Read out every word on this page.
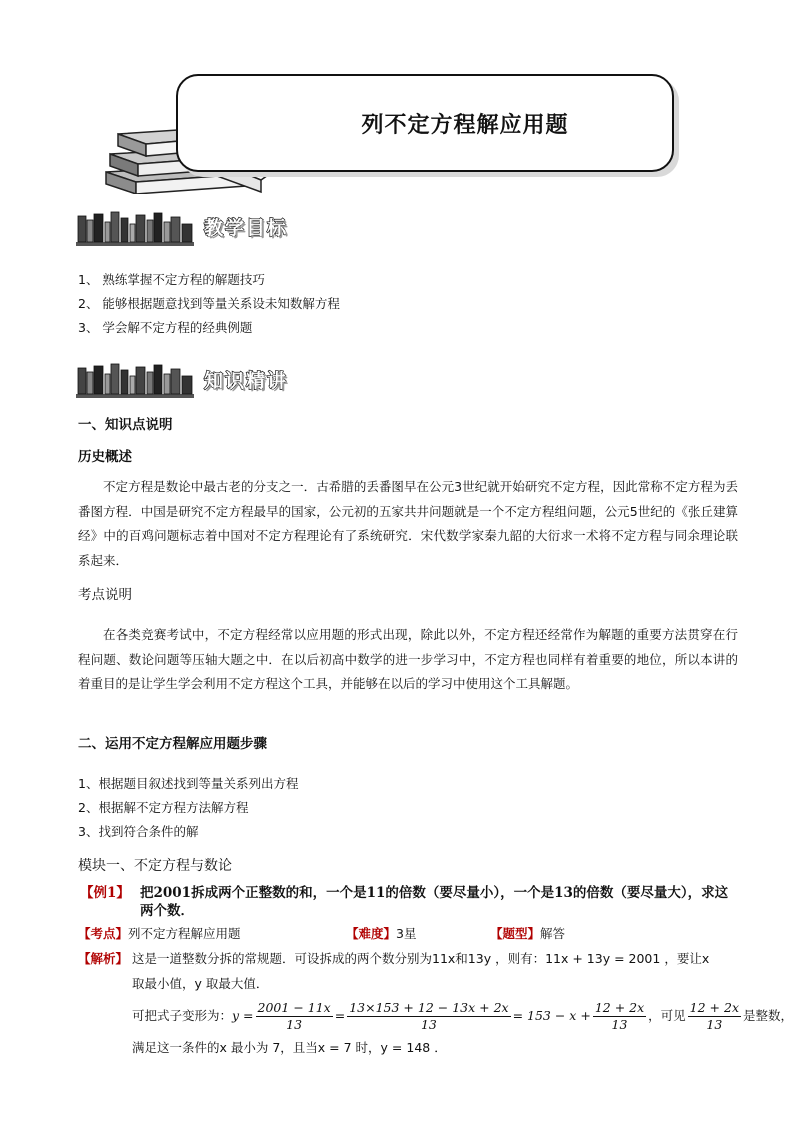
列不定方程解应用题
教学目标
1、 熟练掌握不定方程的解题技巧
2、 能够根据题意找到等量关系设未知数解方程
3、 学会解不定方程的经典例题
知识精讲
一、知识点说明
历史概述
不定方程是数论中最古老的分支之一．古希腊的丢番图早在公元3世纪就开始研究不定方程，因此常称不定方程为丢番图方程．中国是研究不定方程最早的国家，公元初的五家共井问题就是一个不定方程组问题，公元5世纪的《张丘建算经》中的百鸡问题标志着中国对不定方程理论有了系统研究．宋代数学家秦九韶的大衍求一术将不定方程与同余理论联系起来．
考点说明
在各类竞赛考试中，不定方程经常以应用题的形式出现，除此以外，不定方程还经常作为解题的重要方法贯穿在行程问题、数论问题等压轴大题之中．在以后初高中数学的进一步学习中，不定方程也同样有着重要的地位，所以本讲的着重目的是让学生学会利用不定方程这个工具，并能够在以后的学习中使用这个工具解题。
二、运用不定方程解应用题步骤
1、根据题目叙述找到等量关系列出方程
2、根据解不定方程方法解方程
3、找到符合条件的解
模块一、不定方程与数论
【例1】 把2001拆成两个正整数的和，一个是11的倍数（要尽量小），一个是13的倍数（要尽量大），求这
两个数．
【考点】列不定方程解应用题	【难度】3星	【题型】解答
【解析】 这是一道整数分拆的常规题．可设拆成的两个数分别为11x和13y ，则有：11x + 13y = 2001 ，要让x
取最小值，y 取最大值．
可把式子变形为： $y = \frac{2001 - 11x}{13} = \frac{13\times 153 + 12 - 13x + 2x}{13} = 153 - x + \frac{12 + 2x}{13}$ ，可见 $\frac{12 + 2x}{13}$ 是整数，
满足这一条件的x 最小为 7，且当x = 7 时，y = 148 ．
